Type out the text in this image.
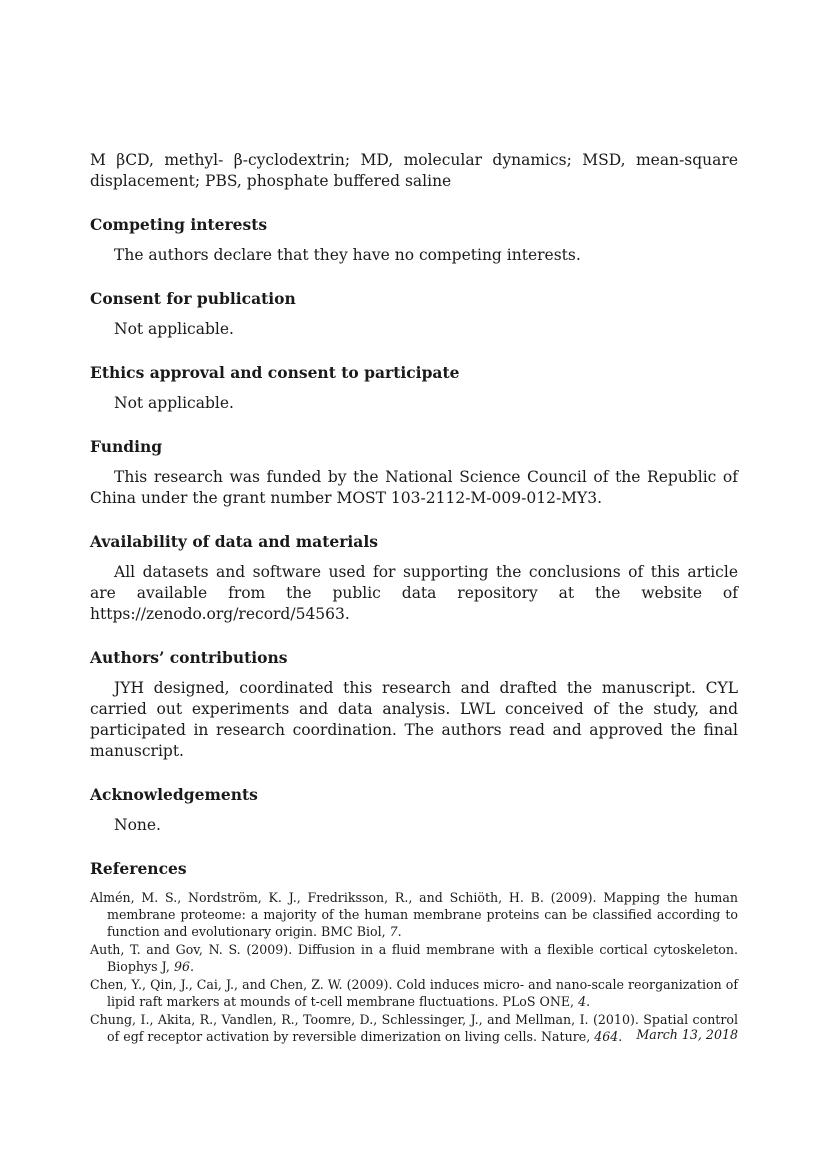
M βCD, methyl- β-cyclodextrin; MD, molecular dynamics; MSD, mean-square displacement; PBS, phosphate buffered saline

Competing interests

The authors declare that they have no competing interests.

Consent for publication

Not applicable.

Ethics approval and consent to participate

Not applicable.

Funding

This research was funded by the National Science Council of the Republic of China under the grant number MOST 103-2112-M-009-012-MY3.

Availability of data and materials

All datasets and software used for supporting the conclusions of this article are available from the public data repository at the website of https://zenodo.org/record/54563.

Authors’ contributions

JYH designed, coordinated this research and drafted the manuscript. CYL carried out experiments and data analysis. LWL conceived of the study, and participated in research coordination. The authors read and approved the final manuscript.

Acknowledgements

None.

References

Almén, M. S., Nordström, K. J., Fredriksson, R., and Schiöth, H. B. (2009). Mapping the human membrane proteome: a majority of the human membrane proteins can be classified according to function and evolutionary origin. BMC Biol, 7.

Auth, T. and Gov, N. S. (2009). Diffusion in a fluid membrane with a flexible cortical cytoskeleton. Biophys J, 96.

Chen, Y., Qin, J., Cai, J., and Chen, Z. W. (2009). Cold induces micro- and nano-scale reorganization of lipid raft markers at mounds of t-cell membrane fluctuations. PLoS ONE, 4.

Chung, I., Akita, R., Vandlen, R., Toomre, D., Schlessinger, J., and Mellman, I. (2010). Spatial control of egf receptor activation by reversible dimerization on living cells. Nature, 464.	March 13, 2018
